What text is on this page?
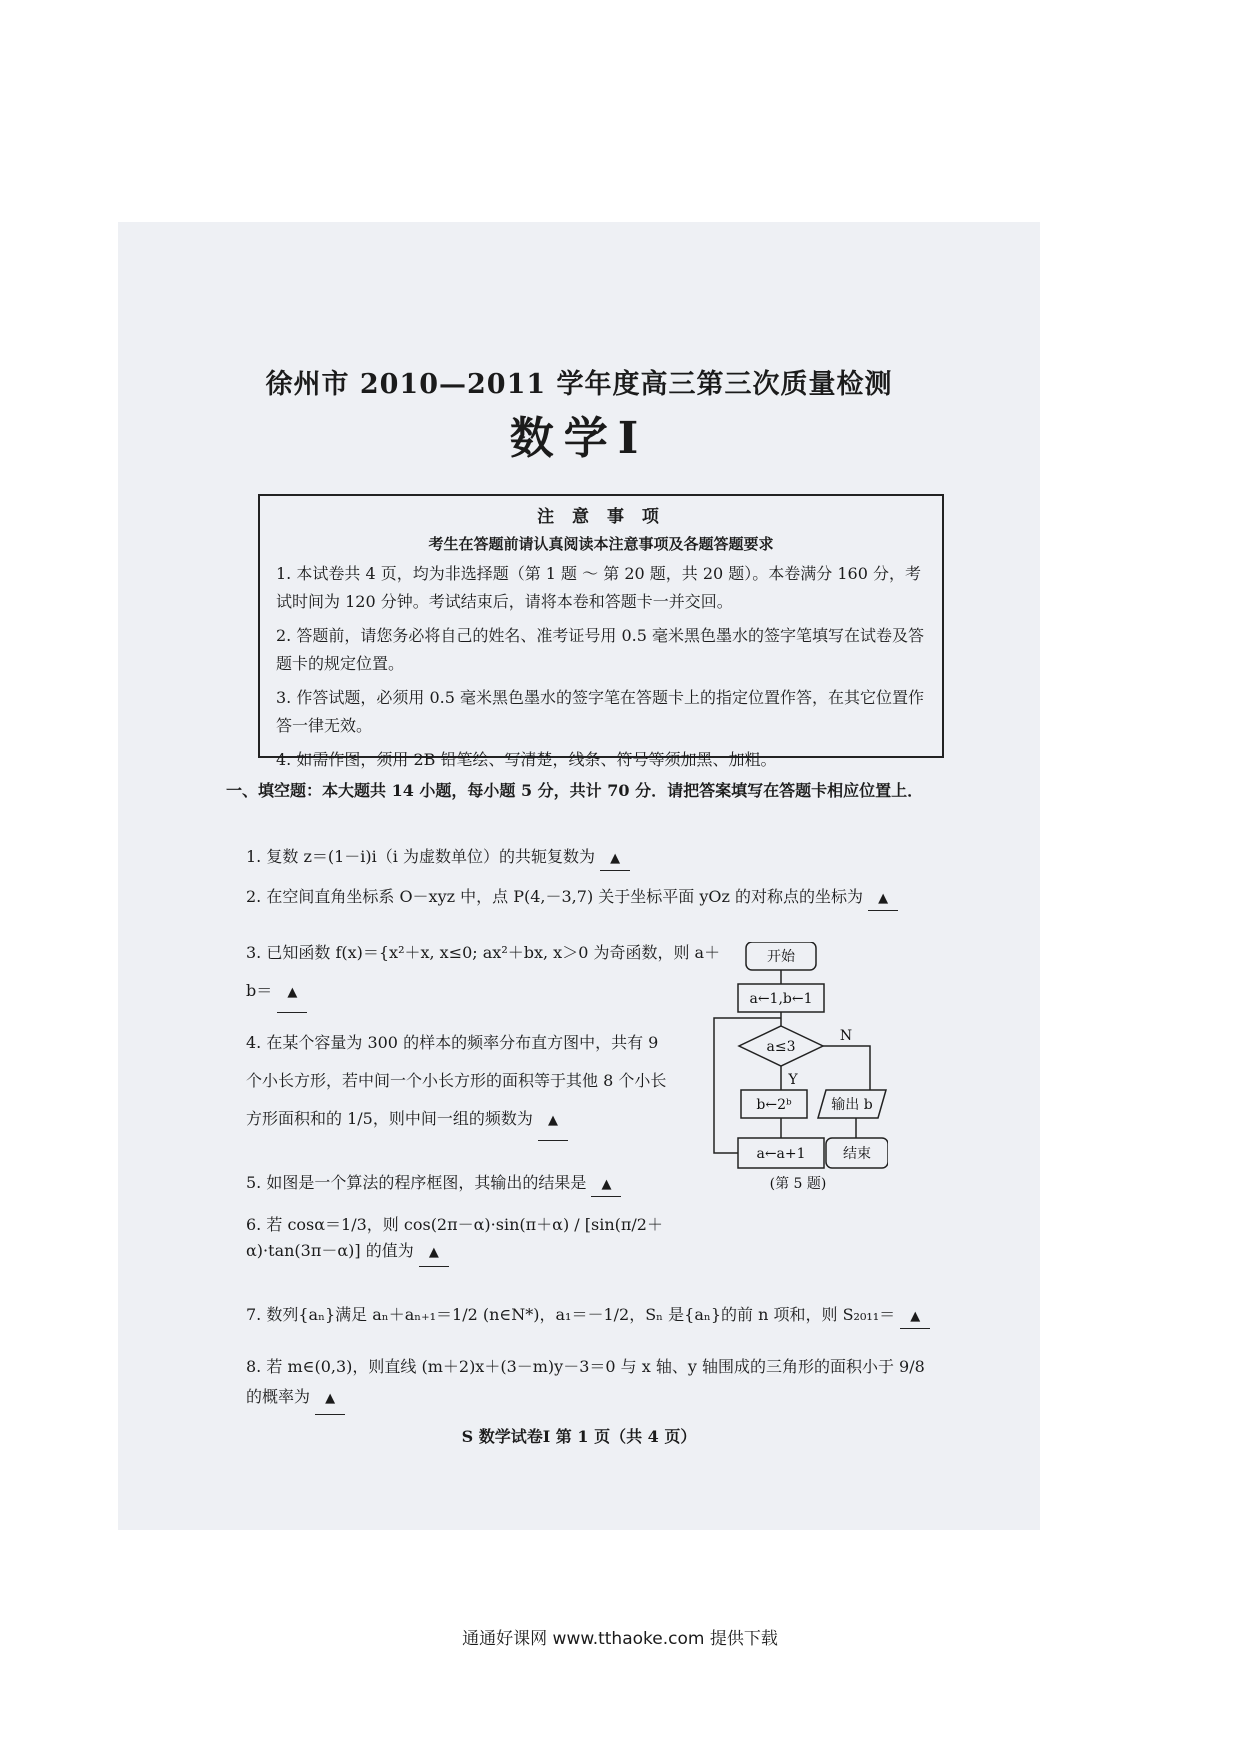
徐州市 2010—2011 学年度高三第三次质量检测
数学I
注 意 事 项
考生在答题前请认真阅读本注意事项及各题答题要求
1. 本试卷共 4 页，均为非选择题（第 1 题 ～ 第 20 题，共 20 题）。本卷满分 160 分，考试时间为 120 分钟。考试结束后，请将本卷和答题卡一并交回。
2. 答题前，请您务必将自己的姓名、准考证号用 0.5 毫米黑色墨水的签字笔填写在试卷及答题卡的规定位置。
3. 作答试题，必须用 0.5 毫米黑色墨水的签字笔在答题卡上的指定位置作答，在其它位置作答一律无效。
4. 如需作图，须用 2B 铅笔绘、写清楚，线条、符号等须加黑、加粗。
一、填空题：本大题共 14 小题，每小题 5 分，共计 70 分．请把答案填写在答题卡相应位置上．
1. 复数 z＝(1－i)i（i 为虚数单位）的共轭复数为 ▲
2. 在空间直角坐标系 O－xyz 中，点 P(4,－3,7) 关于坐标平面 yOz 的对称点的坐标为 ▲
3. 已知函数 f(x)＝{x²＋x, x≤0; ax²＋bx, x＞0 为奇函数，则 a＋b＝ ▲
4. 在某个容量为 300 的样本的频率分布直方图中，共有 9 个小长方形，若中间一个小长方形的面积等于其他 8 个小长方形面积和的 1/5，则中间一组的频数为 ▲
5. 如图是一个算法的程序框图，其输出的结果是 ▲
6. 若 cosα＝1/3，则 cos(2π－α)·sin(π＋α) / [sin(π/2＋α)·tan(3π－α)] 的值为 ▲
7. 数列{aₙ}满足 aₙ＋aₙ₊₁＝1/2 (n∈N*)，a₁＝－1/2，Sₙ 是{aₙ}的前 n 项和，则 S₂₀₁₁＝ ▲
8. 若 m∈(0,3)，则直线 (m＋2)x＋(3－m)y－3＝0 与 x 轴、y 轴围成的三角形的面积小于 9/8 的概率为 ▲
开始
a←1,b←1
a≤3
Y
N
b←2ᵇ
a←a+1
输出 b
结束
(第 5 题)
S 数学试卷Ⅰ 第 1 页（共 4 页）
通通好课网 www.tthaoke.com 提供下载
